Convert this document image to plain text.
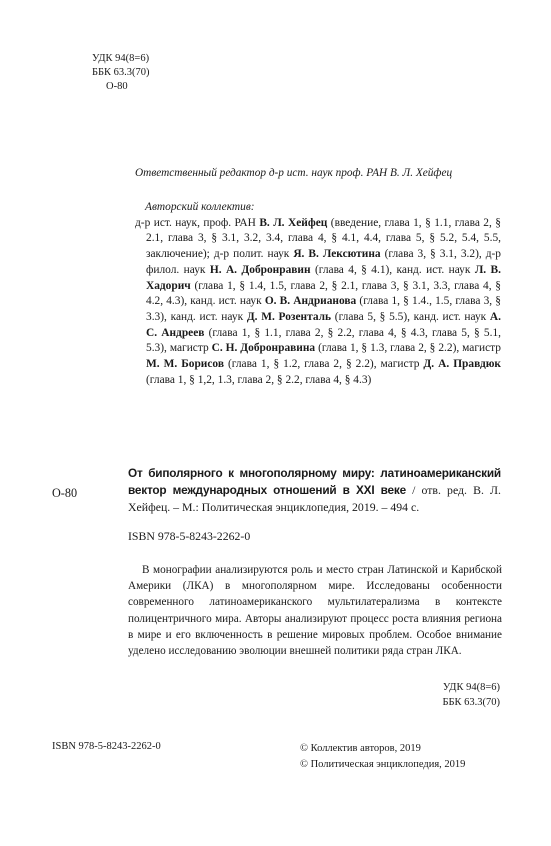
УДК 94(8=6)
ББК 63.3(70)
О-80
Ответственный редактор д-р ист. наук проф. РАН В. Л. Хейфец
Авторский коллектив:

д-р ист. наук, проф. РАН В. Л. Хейфец (введение, глава 1, § 1.1, глава 2, § 2.1, глава 3, § 3.1, 3.2, 3.4, глава 4, § 4.1, 4.4, глава 5, § 5.2, 5.4, 5.5, заключение); д-р полит. наук Я. В. Лексютина (глава 3, § 3.1, 3.2), д-р филол. наук Н. А. Добронравин (глава 4, § 4.1), канд. ист. наук Л. В. Хадорич (глава 1, § 1.4, 1.5, глава 2, § 2.1, глава 3, § 3.1, 3.3, глава 4, § 4.2, 4.3), канд. ист. наук О. В. Андрианова (глава 1, § 1.4., 1.5, глава 3, § 3.3), канд. ист. наук Д. М. Розенталь (глава 5, § 5.5), канд. ист. наук А. С. Андреев (глава 1, § 1.1, глава 2, § 2.2, глава 4, § 4.3, глава 5, § 5.1, 5.3), магистр С. Н. Добронравина (глава 1, § 1.3, глава 2, § 2.2), магистр М. М. Борисов (глава 1, § 1.2, глава 2, § 2.2), магистр Д. А. Правдюк (глава 1, § 1,2, 1.3, глава 2, § 2.2, глава 4, § 4.3)

О-80
От биполярного к многополярному миру: латиноамериканский вектор международных отношений в XXI веке / отв. ред. В. Л. Хейфец. – М.: Политическая энциклопедия, 2019. – 494 с.
ISBN 978-5-8243-2262-0

В монографии анализируются роль и место стран Латинской и Карибской Америки (ЛКА) в многополярном мире. Исследованы особенности современного латиноамериканского мультилатерализма в контексте полицентричного мира. Авторы анализируют процесс роста влияния региона в мире и его включенность в решение мировых проблем. Особое внимание уделено исследованию эволюции внешней политики ряда стран ЛКА.

УДК 94(8=6)
ББК 63.3(70)
ISBN 978-5-8243-2262-0	© Коллектив авторов, 2019
© Политическая энциклопедия, 2019
